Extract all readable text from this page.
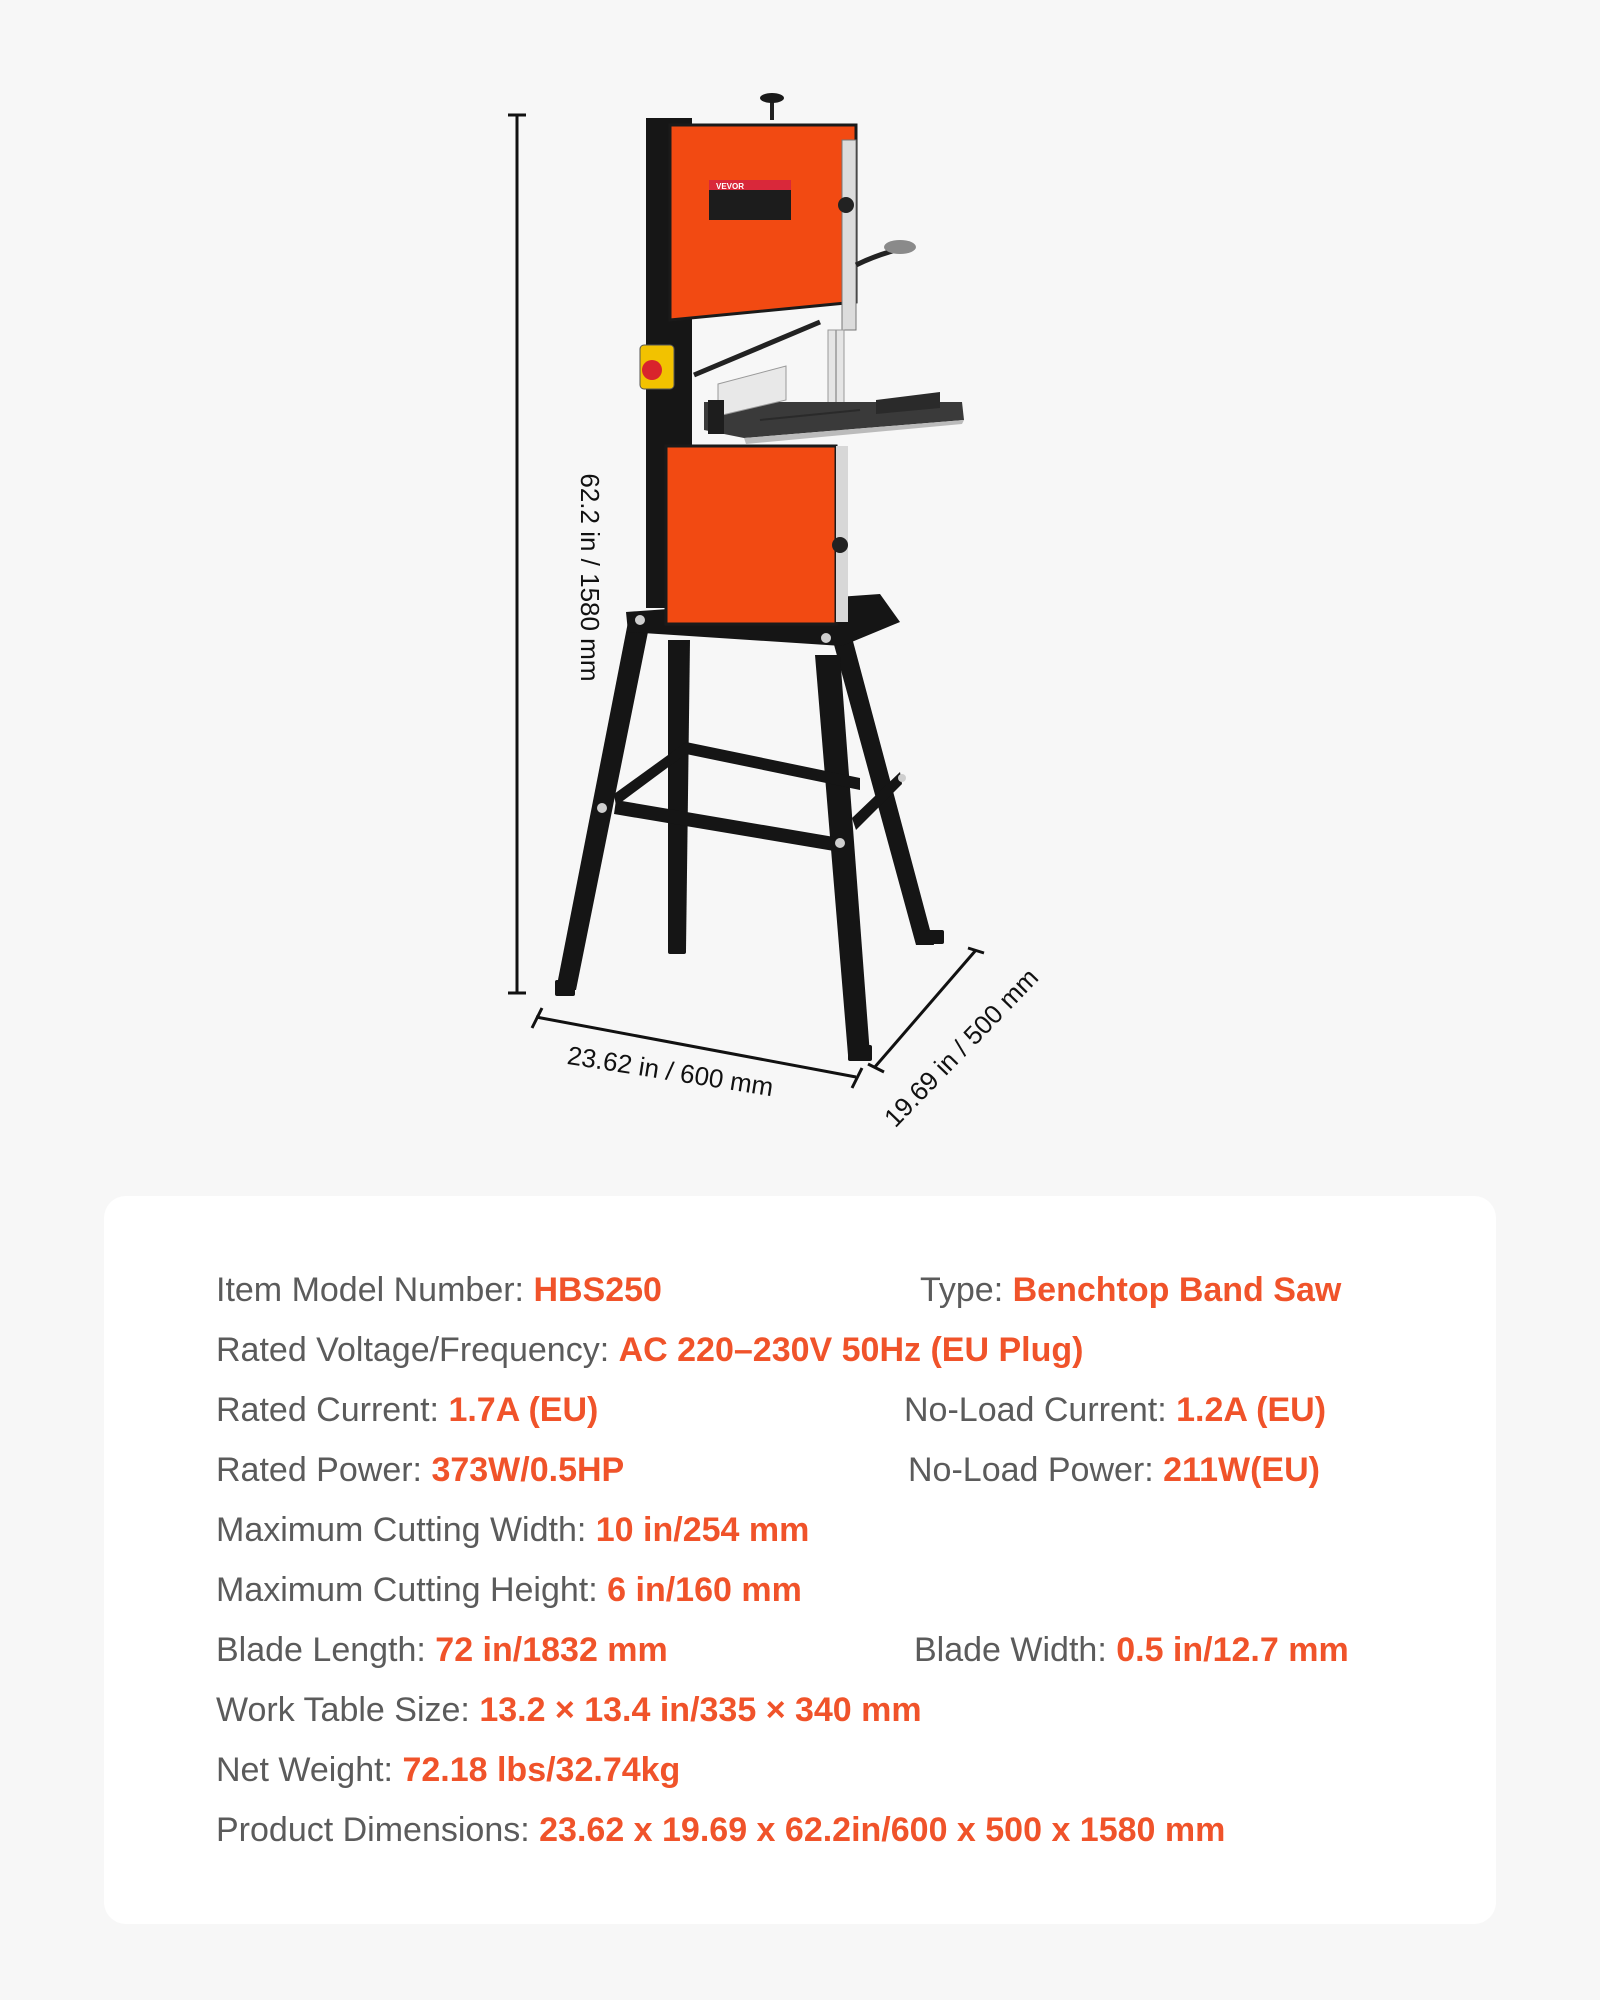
VEVOR
62.2 in / 1580 mm
23.62 in / 600 mm	19.69 in / 500 mm
Item Model Number: HBS250	Type: Benchtop Band Saw
Rated Voltage/Frequency: AC 220–230V 50Hz (EU Plug)
Rated Current: 1.7A (EU)	No-Load Current: 1.2A (EU)
Rated Power: 373W/0.5HP	No-Load Power: 211W(EU)
Maximum Cutting Width: 10 in/254 mm
Maximum Cutting Height: 6 in/160 mm
Blade Length: 72 in/1832 mm	Blade Width: 0.5 in/12.7 mm
Work Table Size: 13.2 × 13.4 in/335 × 340 mm
Net Weight: 72.18 lbs/32.74kg
Product Dimensions: 23.62 x 19.69 x 62.2in/600 x 500 x 1580 mm
